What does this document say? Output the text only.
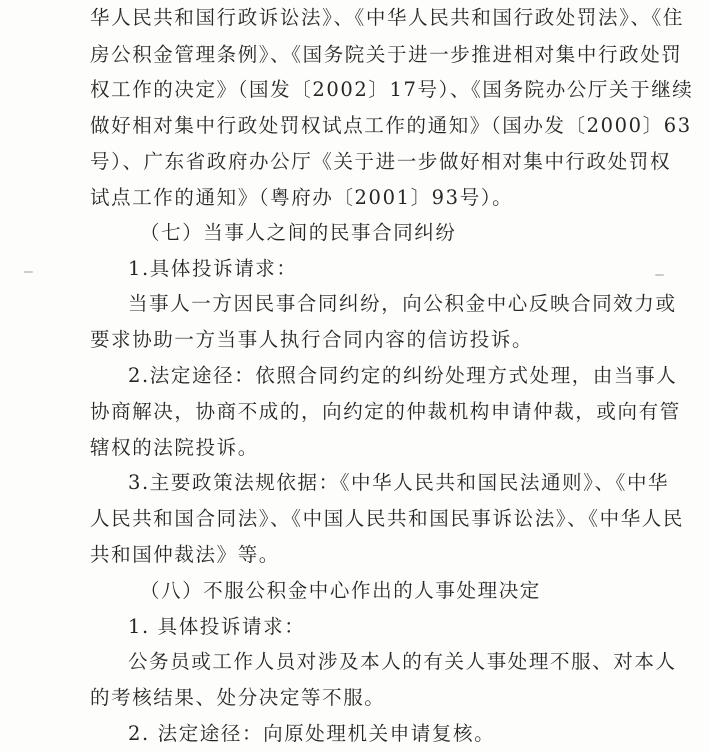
华人民共和国行政诉讼法》、《中华人民共和国行政处罚法》、《住
房公积金管理条例》、《国务院关于进一步推进相对集中行政处罚
权工作的决定》（国发〔2002〕17号）、《国务院办公厅关于继续
做好相对集中行政处罚权试点工作的通知》（国办发〔2000〕63
号）、广东省政府办公厅《关于进一步做好相对集中行政处罚权
试点工作的通知》（粤府办〔2001〕93号）。
（七）当事人之间的民事合同纠纷
1.具体投诉请求：
当事人一方因民事合同纠纷，向公积金中心反映合同效力或
要求协助一方当事人执行合同内容的信访投诉。
2.法定途径：依照合同约定的纠纷处理方式处理，由当事人
协商解决，协商不成的，向约定的仲裁机构申请仲裁，或向有管
辖权的法院投诉。
3.主要政策法规依据：《中华人民共和国民法通则》、《中华
人民共和国合同法》、《中国人民共和国民事诉讼法》、《中华人民
共和国仲裁法》等。
（八）不服公积金中心作出的人事处理决定
1. 具体投诉请求：
公务员或工作人员对涉及本人的有关人事处理不服、对本人
的考核结果、处分决定等不服。
2. 法定途径：向原处理机关申请复核。
